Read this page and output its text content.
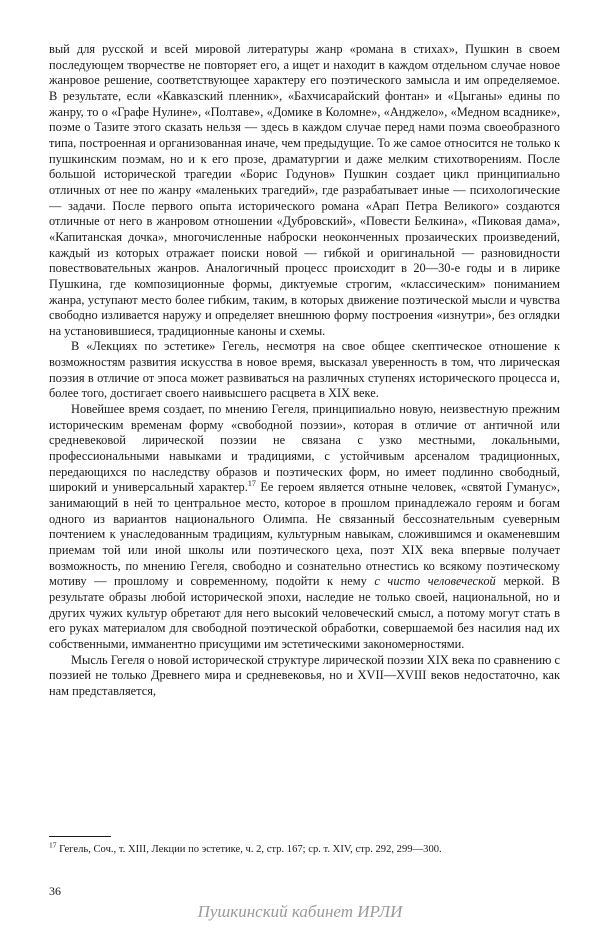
вый для русской и всей мировой литературы жанр «романа в стихах», Пушкин в своем последующем творчестве не повторяет его, а ищет и находит в каждом отдельном случае новое жанровое решение, соответствующее характеру его поэтического замысла и им определяемое. В результате, если «Кавказский пленник», «Бахчисарайский фонтан» и «Цыганы» едины по жанру, то о «Графе Нулине», «Полтаве», «Домике в Коломне», «Анджело», «Медном всаднике», поэме о Тазите этого сказать нельзя — здесь в каждом случае перед нами поэма своеобразного типа, построенная и организованная иначе, чем предыдущие. То же самое относится не только к пушкинским поэмам, но и к его прозе, драматургии и даже мелким стихотворениям. После большой исторической трагедии «Борис Годунов» Пушкин создает цикл принципиально отличных от нее по жанру «маленьких трагедий», где разрабатывает иные — психологические — задачи. После первого опыта исторического романа «Арап Петра Великого» создаются отличные от него в жанровом отношении «Дубровский», «Повести Белкина», «Пиковая дама», «Капитанская дочка», многочисленные наброски неоконченных прозаических произведений, каждый из которых отражает поиски новой — гибкой и оригинальной — разновидности повествовательных жанров. Аналогичный процесс происходит в 20—30-е годы и в лирике Пушкина, где композиционные формы, диктуемые строгим, «классическим» пониманием жанра, уступают место более гибким, таким, в которых движение поэтической мысли и чувства свободно изливается наружу и определяет внешнюю форму построения «изнутри», без оглядки на установившиеся, традиционные каноны и схемы.

В «Лекциях по эстетике» Гегель, несмотря на свое общее скептическое отношение к возможностям развития искусства в новое время, высказал уверенность в том, что лирическая поэзия в отличие от эпоса может развиваться на различных ступенях исторического процесса и, более того, достигает своего наивысшего расцвета в XIX веке.

Новейшее время создает, по мнению Гегеля, принципиально новую, неизвестную прежним историческим временам форму «свободной поэзии», которая в отличие от античной или средневековой лирической поэзии не связана с узко местными, локальными, профессиональными навыками и традициями, с устойчивым арсеналом традиционных, передающихся по наследству образов и поэтических форм, но имеет подлинно свободный, широкий и универсальный характер.$^{17}$ Ее героем является отныне человек, «святой Гуманус», занимающий в ней то центральное место, которое в прошлом принадлежало героям и богам одного из вариантов национального Олимпа. Не связанный бессознательным суеверным почтением к унаследованным традициям, культурным навыкам, сложившимся и окаменевшим приемам той или иной школы или поэтического цеха, поэт XIX века впервые получает возможность, по мнению Гегеля, свободно и сознательно отнестись ко всякому поэтическому мотиву — прошлому и современному, подойти к нему с чисто человеческой меркой. В результате образы любой исторической эпохи, наследие не только своей, национальной, но и других чужих культур обретают для него высокий человеческий смысл, а потому могут стать в его руках материалом для свободной поэтической обработки, совершаемой без насилия над их собственными, имманентно присущими им эстетическими закономерностями.

Мысль Гегеля о новой исторической структуре лирической поэзии XIX века по сравнению с поэзией не только Древнего мира и средневековья, но и XVII—XVIII веков недостаточно, как нам представляется,

$^{17}$ Гегель, Соч., т. XIII, Лекции по эстетике, ч. 2, стр. 167; ср. т. XIV, стр. 292, 299—300.
36
Пушкинский кабинет ИРЛИ
